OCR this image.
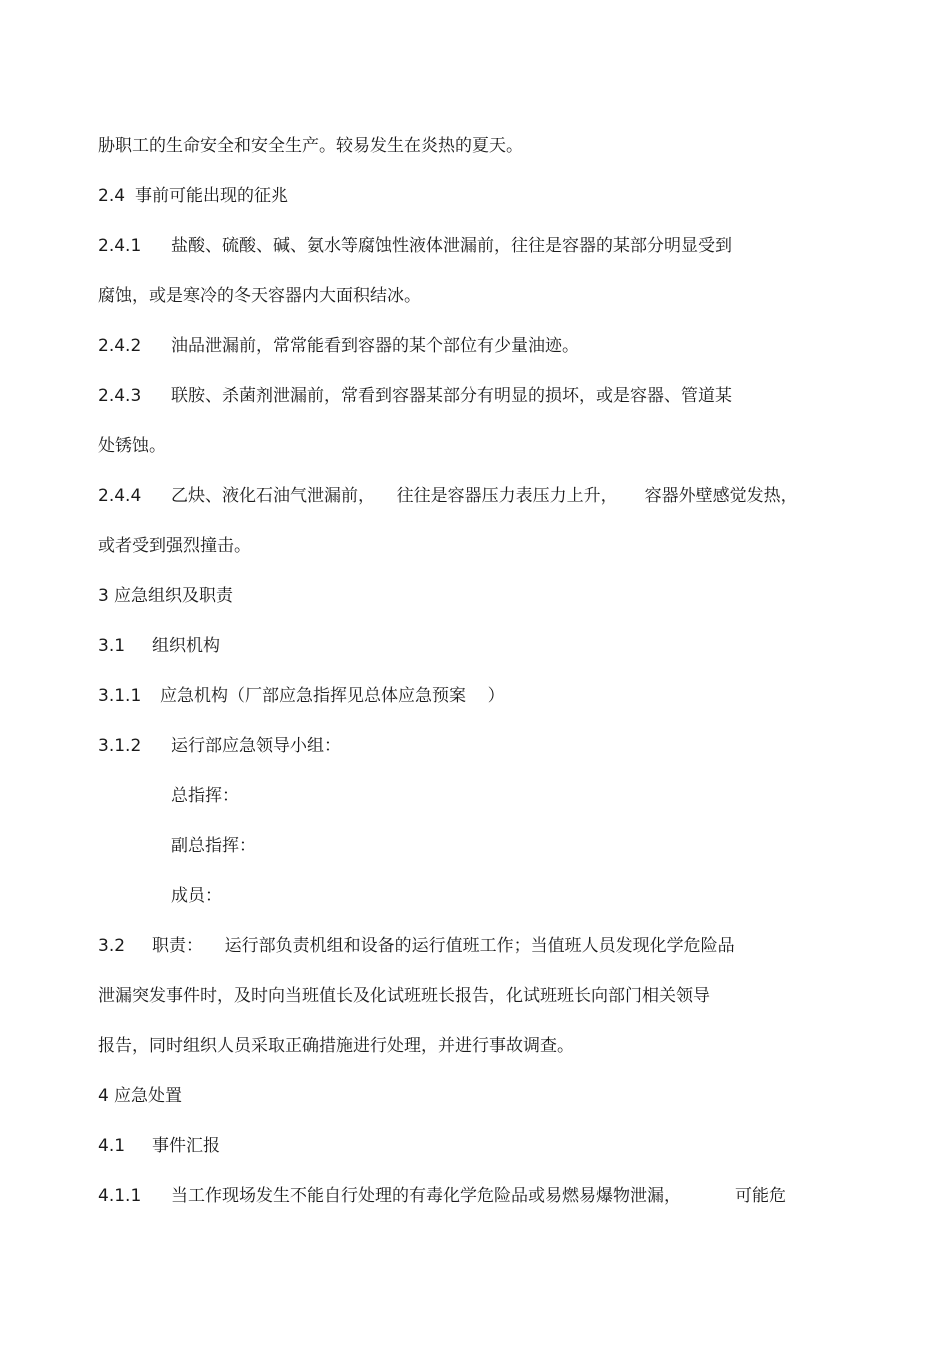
胁职工的生命安全和安全生产。较易发生在炎热的夏天。
2.4 事前可能出现的征兆
2.4.1 盐酸、硫酸、碱、氨水等腐蚀性液体泄漏前，往往是容器的某部分明显受到
腐蚀，或是寒冷的冬天容器内大面积结冰。
2.4.2 油品泄漏前，常常能看到容器的某个部位有少量油迹。
2.4.3 联胺、杀菌剂泄漏前，常看到容器某部分有明显的损坏，或是容器、管道某
处锈蚀。
2.4.4 乙炔、液化石油气泄漏前，    往往是容器压力表压力上升，     容器外壁感觉发热，
或者受到强烈撞击。
3 应急组织及职责
3.1 组织机构
3.1.1 应急机构（厂部应急指挥见总体应急预案    ）
3.1.2 运行部应急领导小组：
总指挥：
副总指挥：
成员：
3.2 职责：    运行部负责机组和设备的运行值班工作；当值班人员发现化学危险品
泄漏突发事件时，及时向当班值长及化试班班长报告，化试班班长向部门相关领导
报告，同时组织人员采取正确措施进行处理，并进行事故调查。
4 应急处置
4.1 事件汇报
4.1.1 当工作现场发生不能自行处理的有毒化学危险品或易燃易爆物泄漏，          可能危
